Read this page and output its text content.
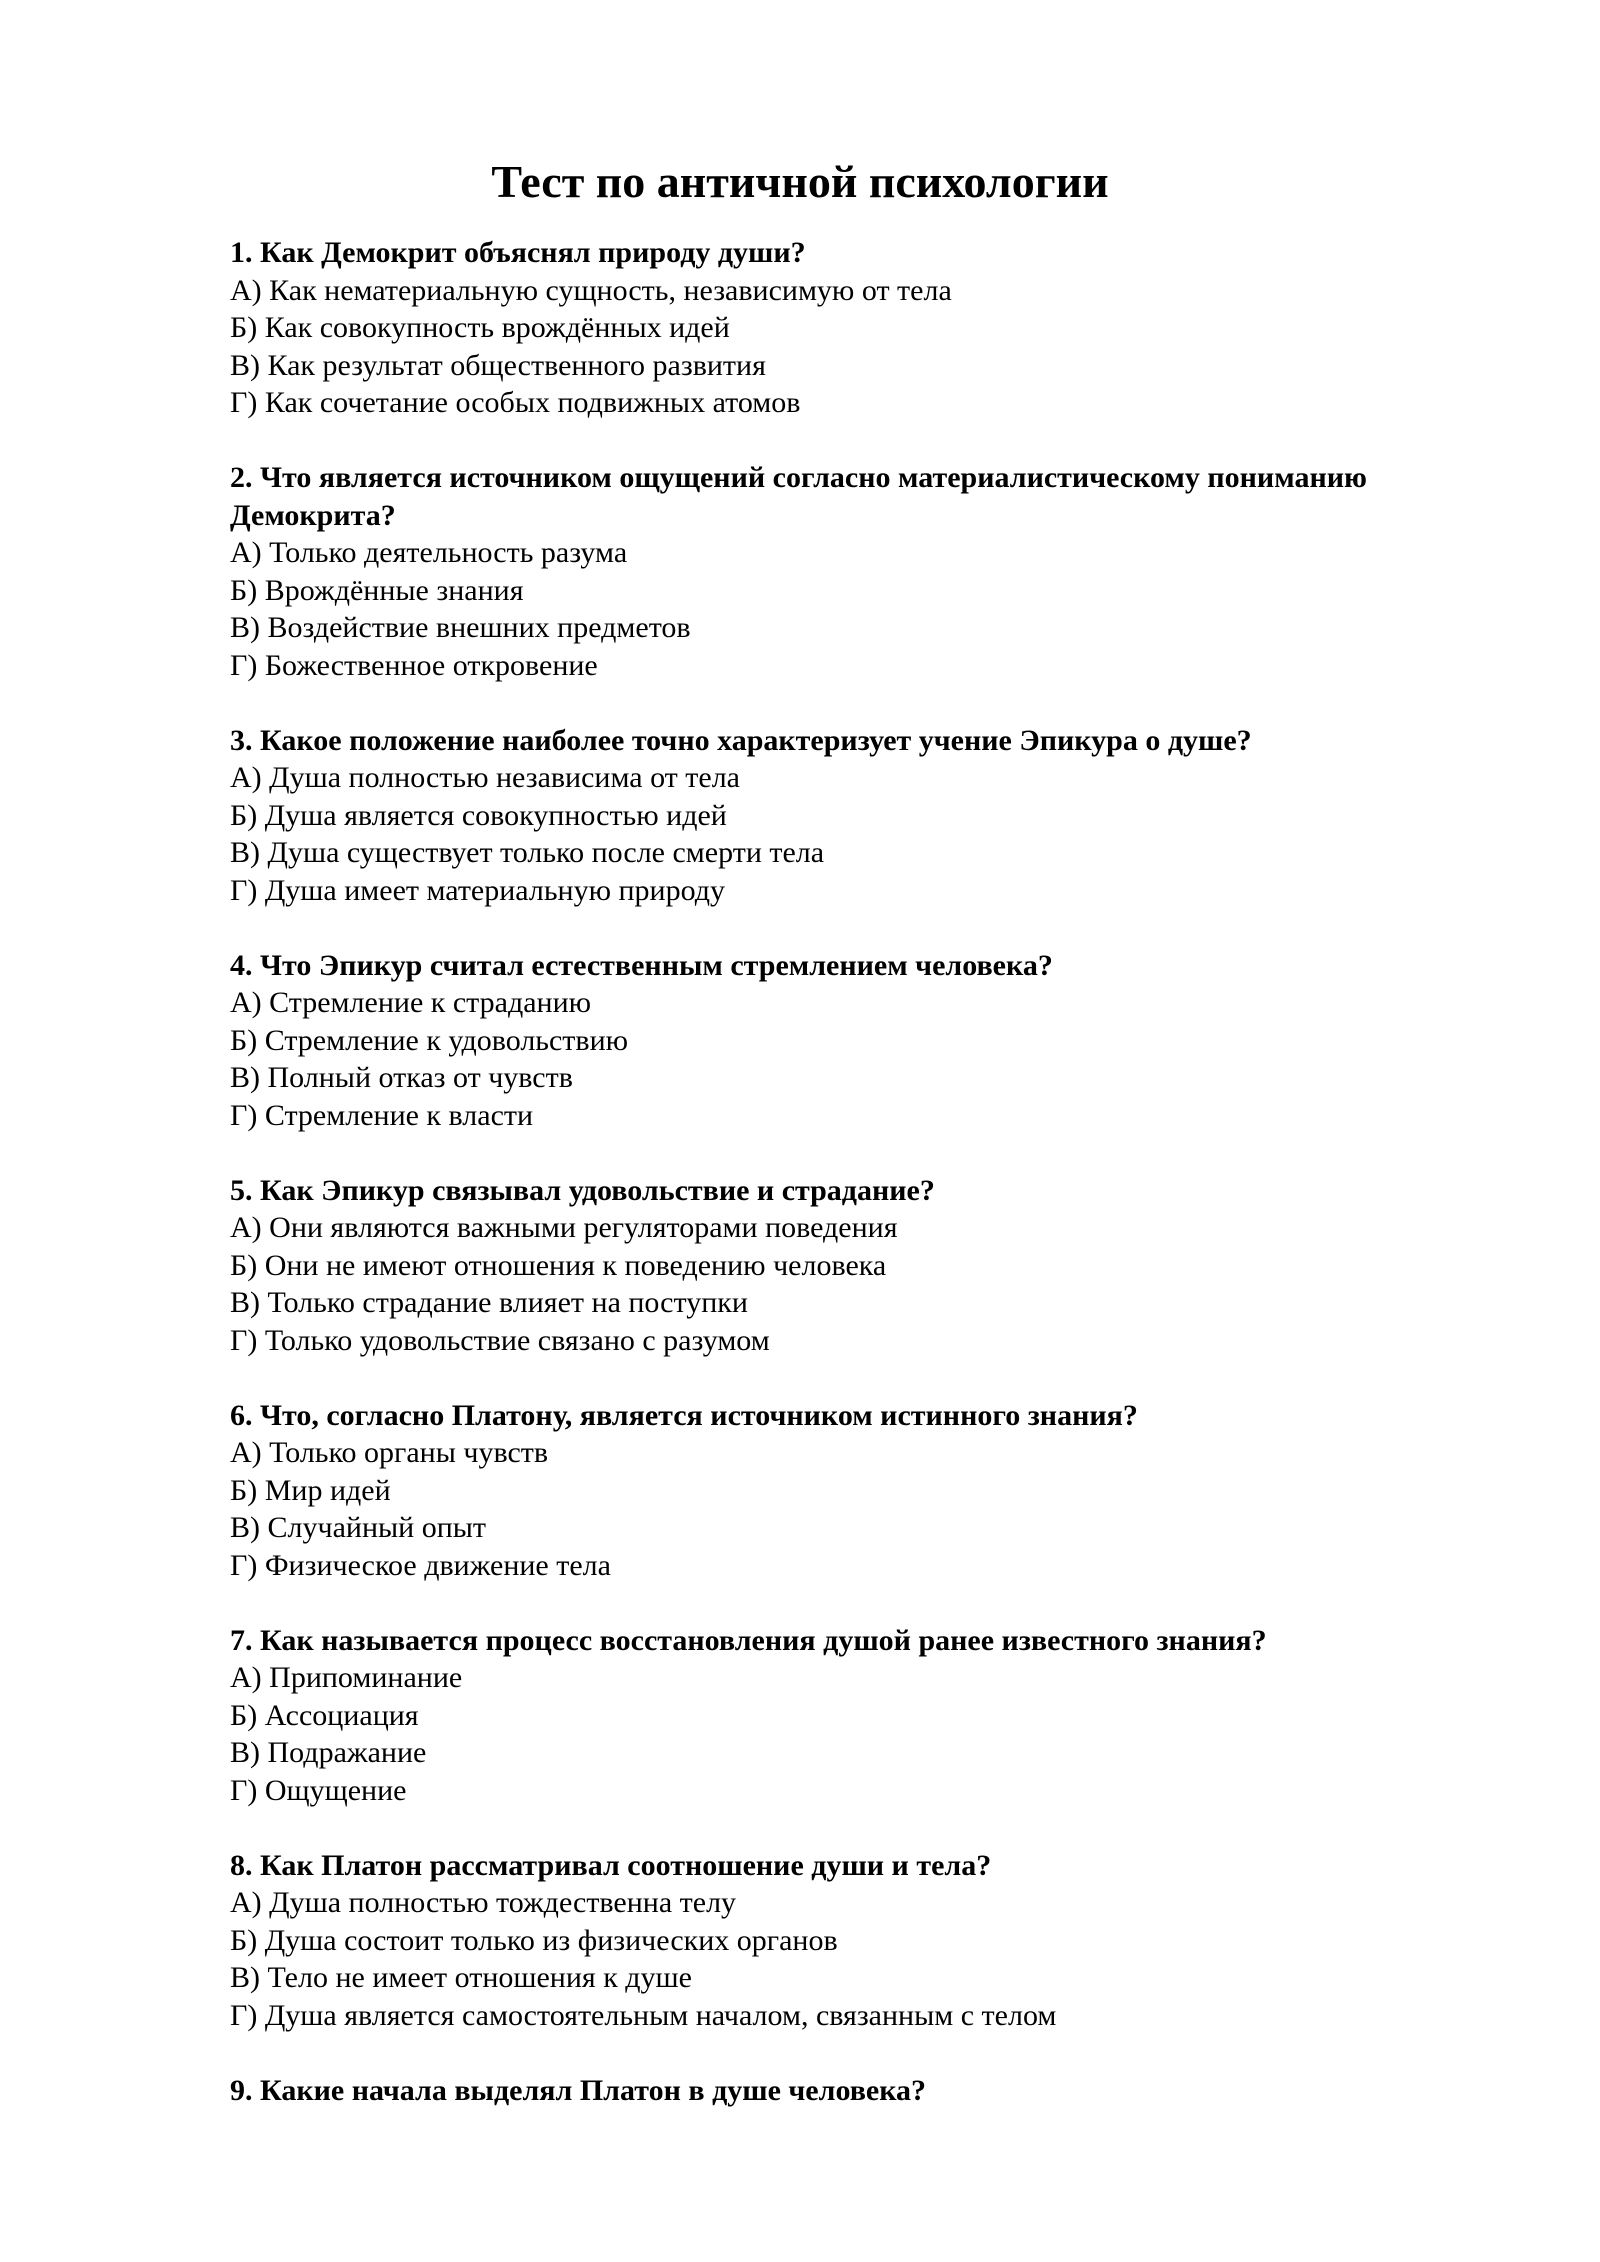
Тест по античной психологии

1. Как Демокрит объяснял природу души?

А) Как нематериальную сущность, независимую от тела
Б) Как совокупность врождённых идей
В) Как результат общественного развития
Г) Как сочетание особых подвижных атомов

2. Что является источником ощущений согласно материалистическому пониманию Демокрита?

А) Только деятельность разума
Б) Врождённые знания
В) Воздействие внешних предметов
Г) Божественное откровение

3. Какое положение наиболее точно характеризует учение Эпикура о душе?

А) Душа полностью независима от тела
Б) Душа является совокупностью идей
В) Душа существует только после смерти тела
Г) Душа имеет материальную природу

4. Что Эпикур считал естественным стремлением человека?

А) Стремление к страданию
Б) Стремление к удовольствию
В) Полный отказ от чувств
Г) Стремление к власти

5. Как Эпикур связывал удовольствие и страдание?

А) Они являются важными регуляторами поведения
Б) Они не имеют отношения к поведению человека
В) Только страдание влияет на поступки
Г) Только удовольствие связано с разумом

6. Что, согласно Платону, является источником истинного знания?

А) Только органы чувств
Б) Мир идей
В) Случайный опыт
Г) Физическое движение тела

7. Как называется процесс восстановления душой ранее известного знания?

А) Припоминание
Б) Ассоциация
В) Подражание
Г) Ощущение

8. Как Платон рассматривал соотношение души и тела?

А) Душа полностью тождественна телу
Б) Душа состоит только из физических органов
В) Тело не имеет отношения к душе
Г) Душа является самостоятельным началом, связанным с телом

9. Какие начала выделял Платон в душе человека?
